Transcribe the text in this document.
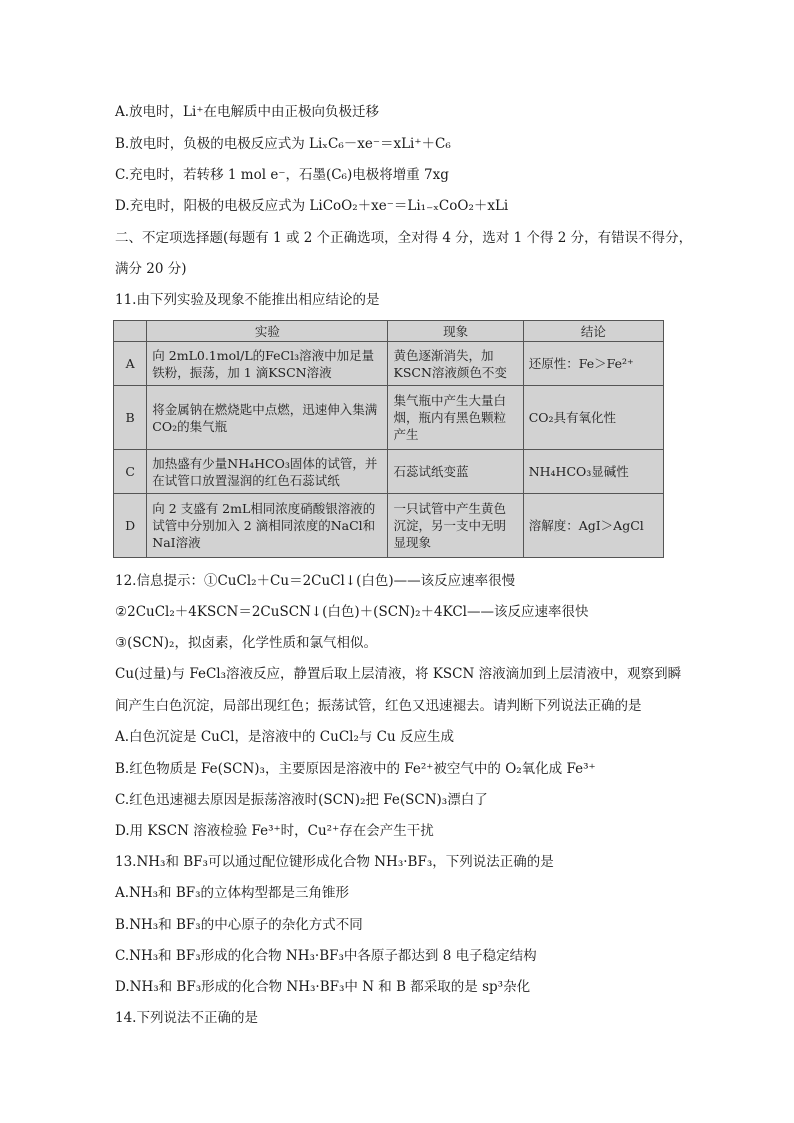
A.放电时，Li⁺在电解质中由正极向负极迁移
B.放电时，负极的电极反应式为 LiₓC₆－xe⁻＝xLi⁺＋C₆
C.充电时，若转移 1 mol e⁻，石墨(C₆)电极将增重 7xg
D.充电时，阳极的电极反应式为 LiCoO₂＋xe⁻＝Li₁₋ₓCoO₂＋xLi
二、不定项选择题(每题有 1 或 2 个正确选项，全对得 4 分，选对 1 个得 2 分，有错误不得分，
满分 20 分)
11.由下列实验及现象不能推出相应结论的是
	实验	现象	结论
A	向 2mL0.1mol/L的FeCl₃溶液中加足量铁粉，振荡，加 1 滴KSCN溶液	黄色逐渐消失，加KSCN溶液颜色不变	还原性：Fe＞Fe²⁺
B	将金属钠在燃烧匙中点燃，迅速伸入集满CO₂的集气瓶	集气瓶中产生大量白烟，瓶内有黑色颗粒产生	CO₂具有氧化性
C	加热盛有少量NH₄HCO₃固体的试管，并在试管口放置湿润的红色石蕊试纸	石蕊试纸变蓝	NH₄HCO₃显碱性
D	向 2 支盛有 2mL相同浓度硝酸银溶液的试管中分别加入 2 滴相同浓度的NaCl和NaI溶液	一只试管中产生黄色沉淀，另一支中无明显现象	溶解度：AgI＞AgCl
12.信息提示：①CuCl₂＋Cu＝2CuCl↓(白色)——该反应速率很慢
②2CuCl₂＋4KSCN＝2CuSCN↓(白色)＋(SCN)₂＋4KCl——该反应速率很快
③(SCN)₂，拟卤素，化学性质和氯气相似。
Cu(过量)与 FeCl₃溶液反应，静置后取上层清液，将 KSCN 溶液滴加到上层清液中，观察到瞬
间产生白色沉淀，局部出现红色；振荡试管，红色又迅速褪去。请判断下列说法正确的是
A.白色沉淀是 CuCl，是溶液中的 CuCl₂与 Cu 反应生成
B.红色物质是 Fe(SCN)₃，主要原因是溶液中的 Fe²⁺被空气中的 O₂氧化成 Fe³⁺
C.红色迅速褪去原因是振荡溶液时(SCN)₂把 Fe(SCN)₃漂白了
D.用 KSCN 溶液检验 Fe³⁺时，Cu²⁺存在会产生干扰
13.NH₃和 BF₃可以通过配位键形成化合物 NH₃·BF₃，下列说法正确的是
A.NH₃和 BF₃的立体构型都是三角锥形
B.NH₃和 BF₃的中心原子的杂化方式不同
C.NH₃和 BF₃形成的化合物 NH₃·BF₃中各原子都达到 8 电子稳定结构
D.NH₃和 BF₃形成的化合物 NH₃·BF₃中 N 和 B 都采取的是 sp³杂化
14.下列说法不正确的是
